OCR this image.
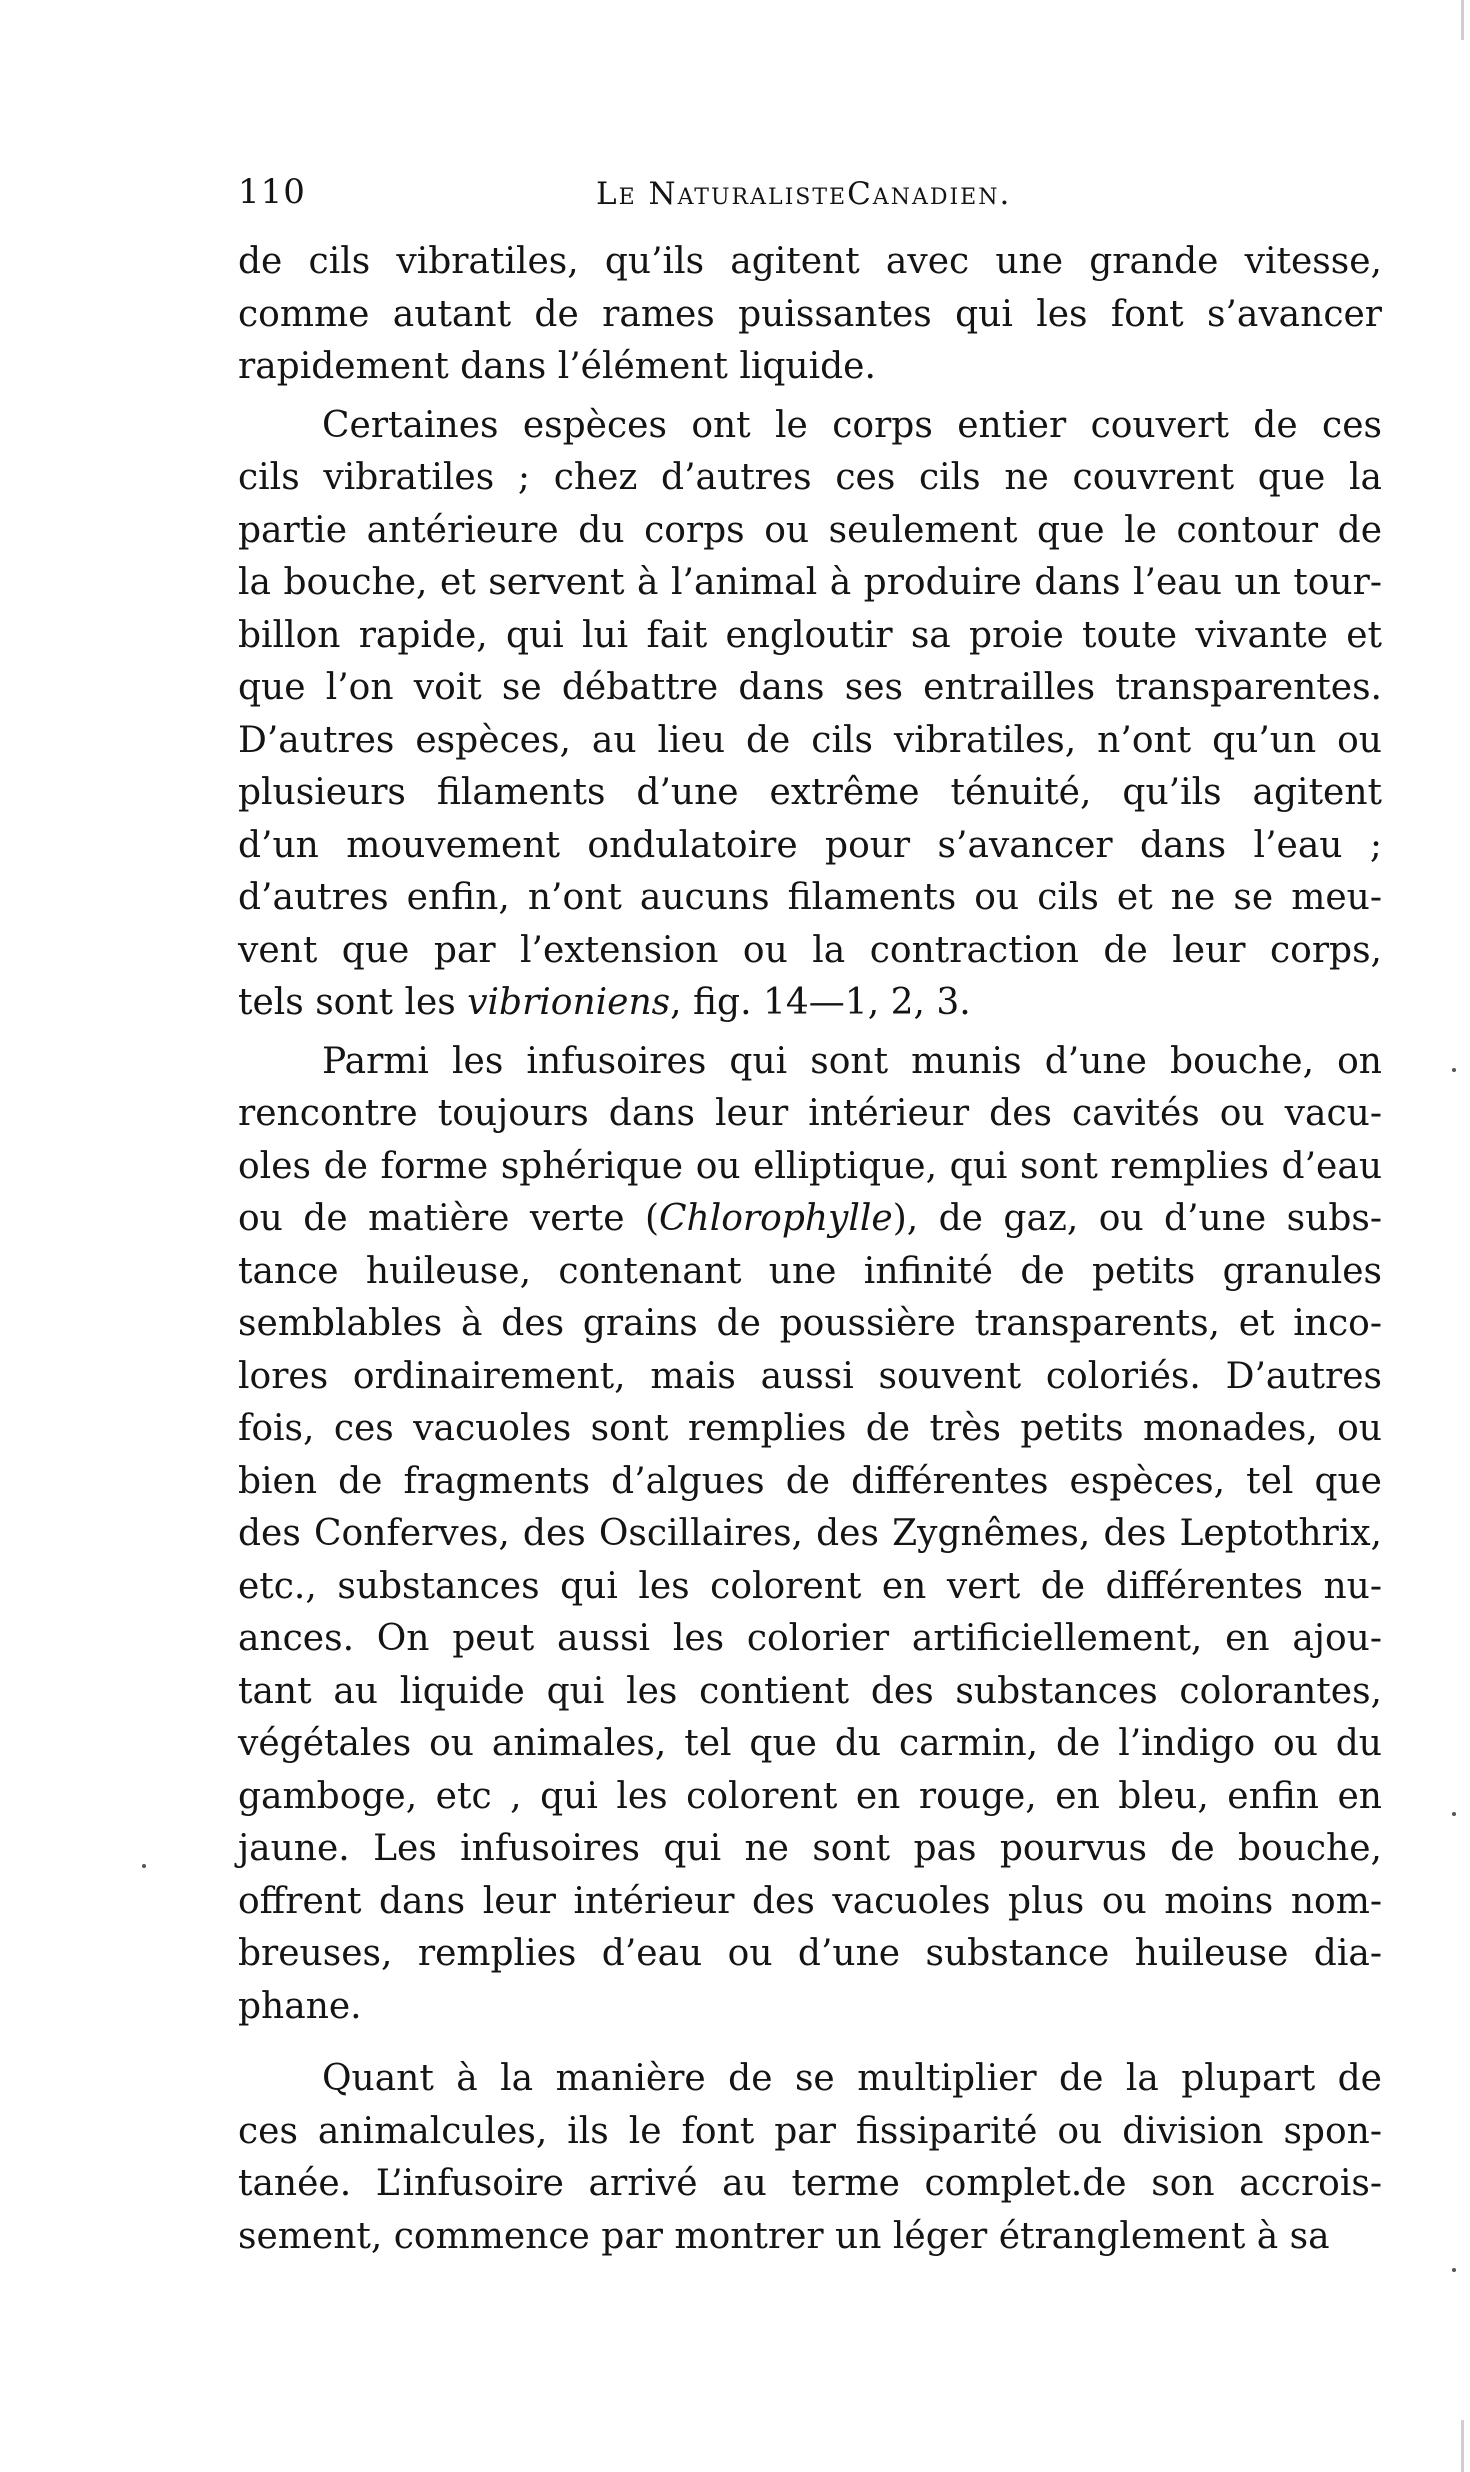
110	Le NaturalisteCanadien.

de cils vibratiles, qu’ils agitent avec une grande vitesse,
comme autant de rames puissantes qui les font s’avancer
rapidement dans l’élément liquide.

Certaines espèces ont le corps entier couvert de ces
cils vibratiles ; chez d’autres ces cils ne couvrent que la
partie antérieure du corps ou seulement que le contour de
la bouche, et servent à l’animal à produire dans l’eau un tour-
billon rapide, qui lui fait engloutir sa proie toute vivante et
que l’on voit se débattre dans ses entrailles transparentes.
D’autres espèces, au lieu de cils vibratiles, n’ont qu’un ou
plusieurs filaments d’une extrême ténuité, qu’ils agitent
d’un mouvement ondulatoire pour s’avancer dans l’eau ;
d’autres enfin, n’ont aucuns filaments ou cils et ne se meu-
vent que par l’extension ou la contraction de leur corps,
tels sont les vibrioniens, fig. 14—1, 2, 3.

Parmi les infusoires qui sont munis d’une bouche, on
rencontre toujours dans leur intérieur des cavités ou vacu-
oles de forme sphérique ou elliptique, qui sont remplies d’eau
ou de matière verte (Chlorophylle), de gaz, ou d’une subs-
tance huileuse, contenant une infinité de petits granules
semblables à des grains de poussière transparents, et inco-
lores ordinairement, mais aussi souvent coloriés. D’autres
fois, ces vacuoles sont remplies de très petits monades, ou
bien de fragments d’algues de différentes espèces, tel que
des Conferves, des Oscillaires, des Zygnêmes, des Leptothrix,
etc., substances qui les colorent en vert de différentes nu-
ances. On peut aussi les colorier artificiellement, en ajou-
tant au liquide qui les contient des substances colorantes,
végétales ou animales, tel que du carmin, de l’indigo ou du
gamboge, etc , qui les colorent en rouge, en bleu, enfin en
jaune. Les infusoires qui ne sont pas pourvus de bouche,
offrent dans leur intérieur des vacuoles plus ou moins nom-
breuses, remplies d’eau ou d’une substance huileuse dia-
phane.

Quant à la manière de se multiplier de la plupart de
ces animalcules, ils le font par fissiparité ou division spon-
tanée. L’infusoire arrivé au terme complet.de son accrois-
sement, commence par montrer un léger étranglement à sa
